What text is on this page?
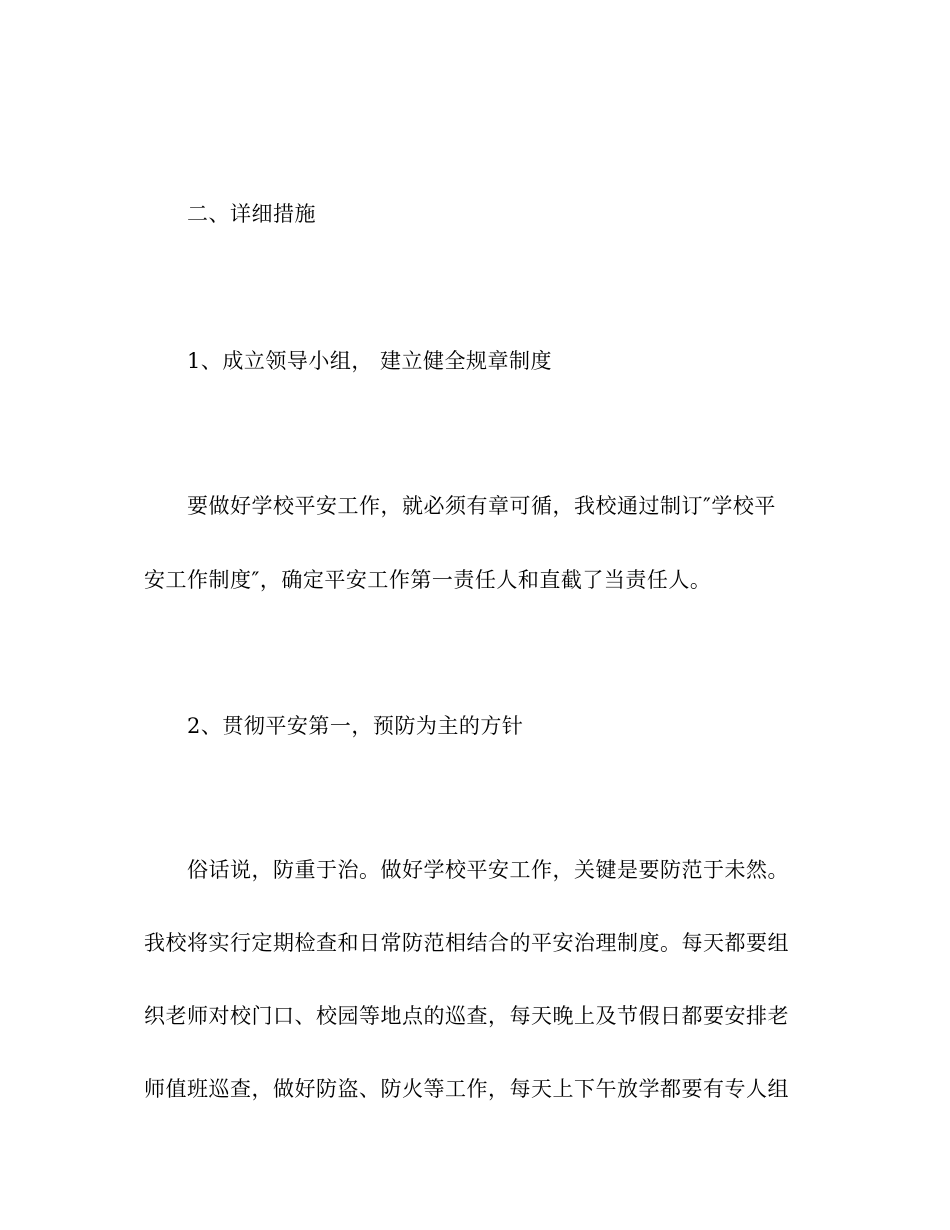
二、详细措施
1、成立领导小组， 建立健全规章制度
要做好学校平安工作，就必须有章可循，我校通过制订″学校平
安工作制度″，确定平安工作第一责任人和直截了当责任人。
2、贯彻平安第一，预防为主的方针
俗话说，防重于治。做好学校平安工作，关键是要防范于未然。
我校将实行定期检查和日常防范相结合的平安治理制度。每天都要组
织老师对校门口、校园等地点的巡查，每天晚上及节假日都要安排老
师值班巡查，做好防盗、防火等工作，每天上下午放学都要有专人组
